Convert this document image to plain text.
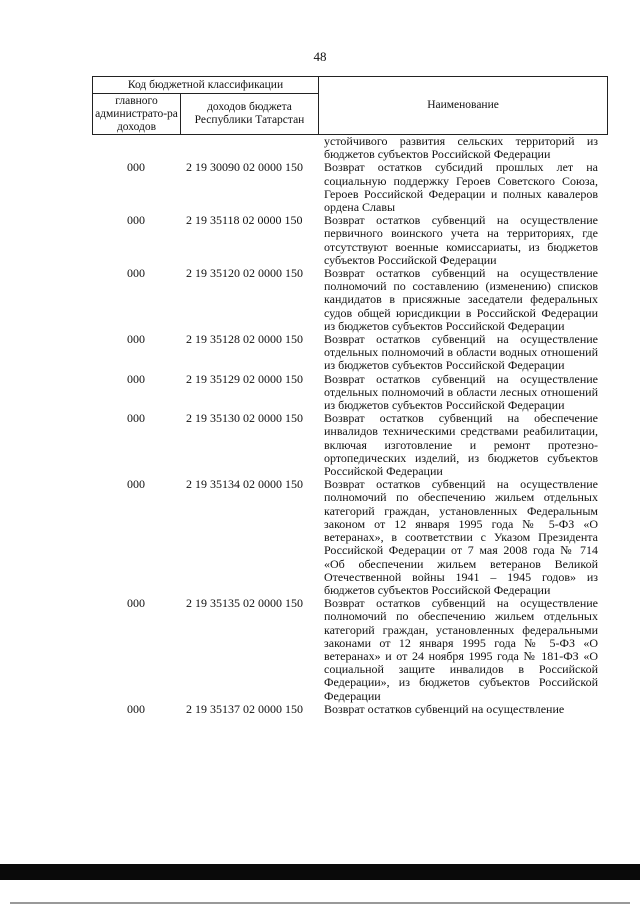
48
Код бюджетной классификации		Наименование
главного администрато-ра доходов	доходов бюджета Республики Татарстан	
устойчивого развития сельских территорий из бюджетов субъектов Российской Федерации
000	2 19 30090 02 0000 150	Возврат остатков субсидий прошлых лет на социальную поддержку Героев Советского Союза, Героев Российской Федерации и полных кавалеров ордена Славы
000	2 19 35118 02 0000 150	Возврат остатков субвенций на осуществление первичного воинского учета на территориях, где отсутствуют военные комиссариаты, из бюджетов субъектов Российской Федерации
000	2 19 35120 02 0000 150	Возврат остатков субвенций на осуществление полномочий по составлению (изменению) списков кандидатов в присяжные заседатели федеральных судов общей юрисдикции в Российской Федерации из бюджетов субъектов Российской Федерации
000	2 19 35128 02 0000 150	Возврат остатков субвенций на осуществление отдельных полномочий в области водных отношений из бюджетов субъектов Российской Федерации
000	2 19 35129 02 0000 150	Возврат остатков субвенций на осуществление отдельных полномочий в области лесных отношений из бюджетов субъектов Российской Федерации
000	2 19 35130 02 0000 150	Возврат остатков субвенций на обеспечение инвалидов техническими средствами реабилитации, включая изготовление и ремонт протезно-ортопедических изделий, из бюджетов субъектов Российской Федерации
000	2 19 35134 02 0000 150	Возврат остатков субвенций на осуществление полномочий по обеспечению жильем отдельных категорий граждан, установленных Федеральным законом от 12 января 1995 года № 5-ФЗ «О ветеранах», в соответствии с Указом Президента Российской Федерации от 7 мая 2008 года № 714 «Об обеспечении жильем ветеранов Великой Отечественной войны 1941 – 1945 годов» из бюджетов субъектов Российской Федерации
000	2 19 35135 02 0000 150	Возврат остатков субвенций на осуществление полномочий по обеспечению жильем отдельных категорий граждан, установленных федеральными законами от 12 января 1995 года № 5-ФЗ «О ветеранах» и от 24 ноября 1995 года № 181-ФЗ «О социальной защите инвалидов в Российской Федерации», из бюджетов субъектов Российской Федерации
000	2 19 35137 02 0000 150	Возврат остатков субвенций на осуществление
